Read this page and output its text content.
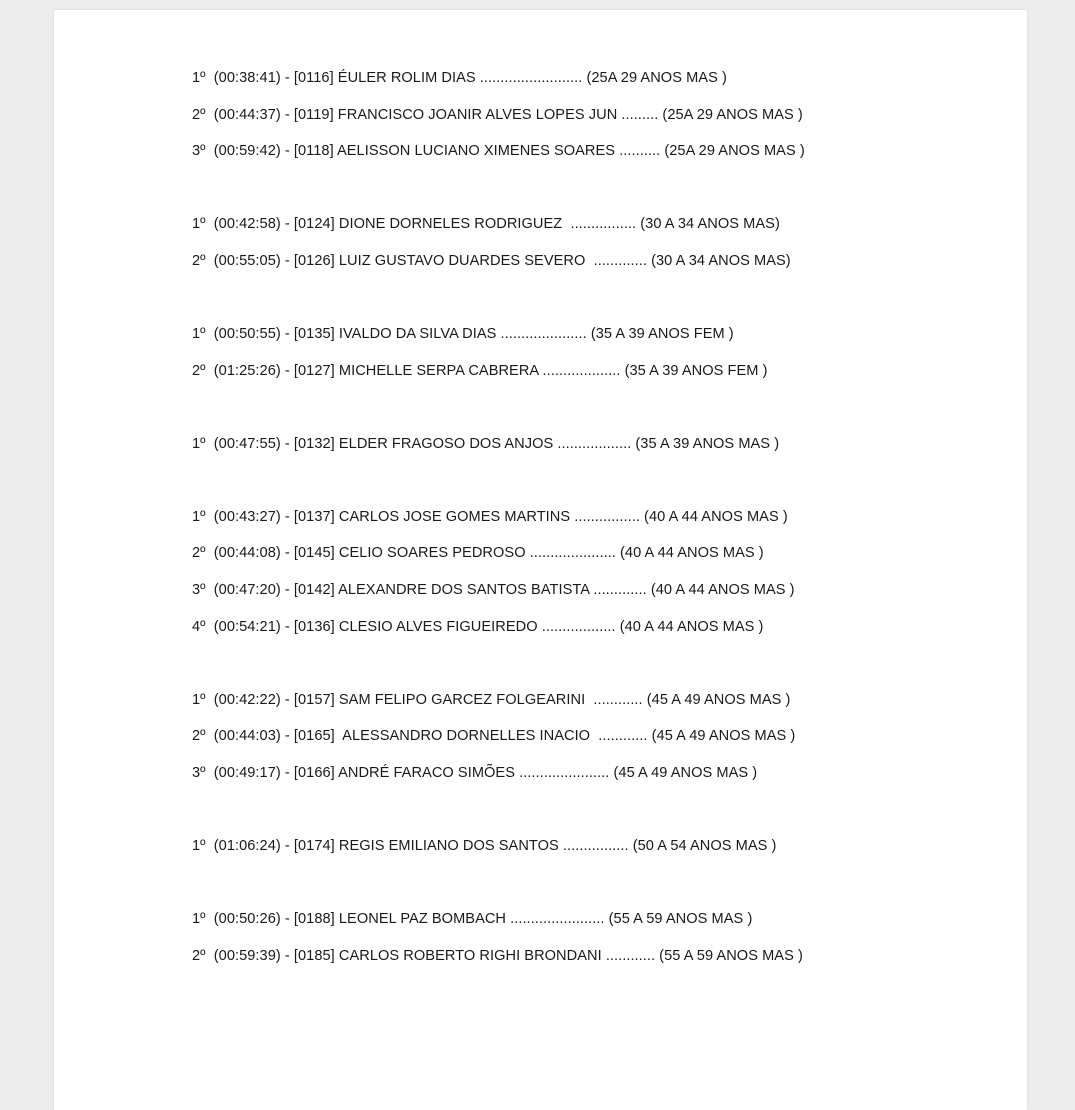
1º  (00:38:41) - [0116] ÉULER ROLIM DIAS ......................... (25A 29 ANOS MAS )
2º  (00:44:37) - [0119] FRANCISCO JOANIR ALVES LOPES JUN ......... (25A 29 ANOS MAS )
3º  (00:59:42) - [0118] AELISSON LUCIANO XIMENES SOARES .......... (25A 29 ANOS MAS )
1º  (00:42:58) - [0124] DIONE DORNELES RODRIGUEZ  ................ (30 A 34 ANOS MAS)
2º  (00:55:05) - [0126] LUIZ GUSTAVO DUARDES SEVERO  ............. (30 A 34 ANOS MAS)
1º  (00:50:55) - [0135] IVALDO DA SILVA DIAS ..................... (35 A 39 ANOS FEM )
2º  (01:25:26) - [0127] MICHELLE SERPA CABRERA ................... (35 A 39 ANOS FEM )
1º  (00:47:55) - [0132] ELDER FRAGOSO DOS ANJOS .................. (35 A 39 ANOS MAS )
1º  (00:43:27) - [0137] CARLOS JOSE GOMES MARTINS ................ (40 A 44 ANOS MAS )
2º  (00:44:08) - [0145] CELIO SOARES PEDROSO ..................... (40 A 44 ANOS MAS )
3º  (00:47:20) - [0142] ALEXANDRE DOS SANTOS BATISTA ............. (40 A 44 ANOS MAS )
4º  (00:54:21) - [0136] CLESIO ALVES FIGUEIREDO .................. (40 A 44 ANOS MAS )
1º  (00:42:22) - [0157] SAM FELIPO GARCEZ FOLGEARINI  ............ (45 A 49 ANOS MAS )
2º  (00:44:03) - [0165]  ALESSANDRO DORNELLES INACIO  ............ (45 A 49 ANOS MAS )
3º  (00:49:17) - [0166] ANDRÉ FARACO SIMÕES ...................... (45 A 49 ANOS MAS )
1º  (01:06:24) - [0174] REGIS EMILIANO DOS SANTOS ................ (50 A 54 ANOS MAS )
1º  (00:50:26) - [0188] LEONEL PAZ BOMBACH ....................... (55 A 59 ANOS MAS )
2º  (00:59:39) - [0185] CARLOS ROBERTO RIGHI BRONDANI ............ (55 A 59 ANOS MAS )
